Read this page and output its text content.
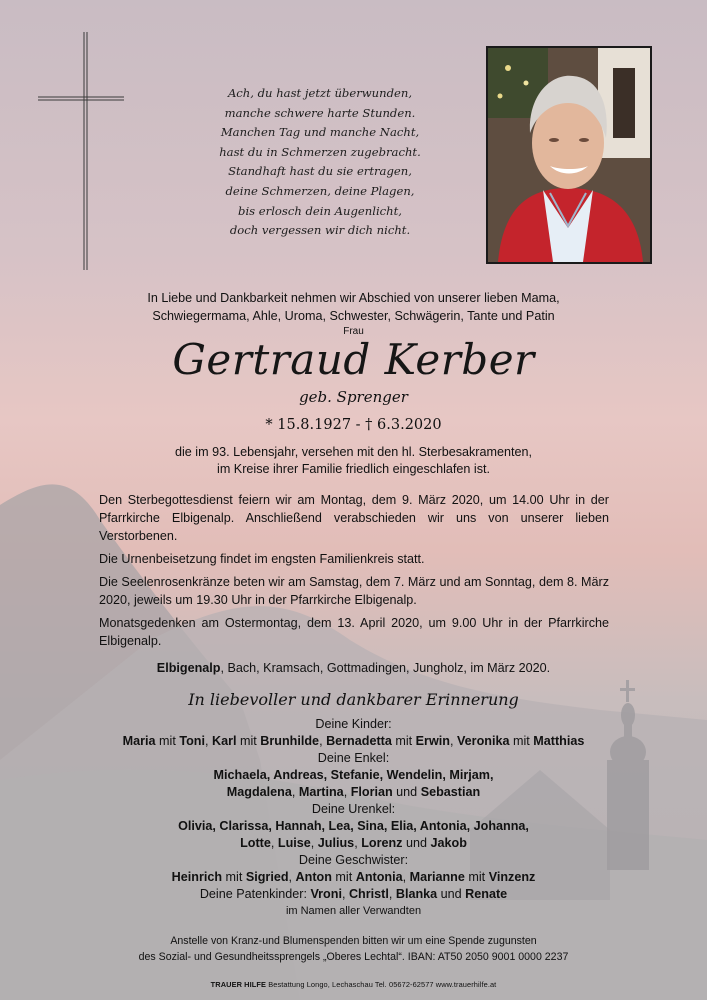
Ach, du hast jetzt überwunden,
manche schwere harte Stunden.
Manchen Tag und manche Nacht,
hast du in Schmerzen zugebracht.
Standhaft hast du sie ertragen,
deine Schmerzen, deine Plagen,
bis erlosch dein Augenlicht,
doch vergessen wir dich nicht.
In Liebe und Dankbarkeit nehmen wir Abschied von unserer lieben Mama,
Schwiegermama, Ahle, Uroma, Schwester, Schwägerin, Tante und Patin
Frau
Gertraud Kerber
geb. Sprenger
* 15.8.1927 - † 6.3.2020
die im 93. Lebensjahr, versehen mit den hl. Sterbesakramenten,
im Kreise ihrer Familie friedlich eingeschlafen ist.
Den Sterbegottesdienst feiern wir am Montag, dem 9. März 2020, um 14.00 Uhr in der Pfarrkirche Elbigenalp. Anschließend verabschieden wir uns von unserer lieben Verstorbenen.
Die Urnenbeisetzung findet im engsten Familienkreis statt.
Die Seelenrosenkränze beten wir am Samstag, dem 7. März und am Sonntag, dem 8. März 2020, jeweils um 19.30 Uhr in der Pfarrkirche Elbigenalp.
Monatsgedenken am Ostermontag, dem 13. April 2020, um 9.00 Uhr in der Pfarrkirche Elbigenalp.
Elbigenalp, Bach, Kramsach, Gottmadingen, Jungholz, im März 2020.
In liebevoller und dankbarer Erinnerung
Deine Kinder:
Maria mit Toni, Karl mit Brunhilde, Bernadetta mit Erwin, Veronika mit Matthias
Deine Enkel:
Michaela, Andreas, Stefanie, Wendelin, Mirjam,
Magdalena, Martina, Florian und Sebastian
Deine Urenkel:
Olivia, Clarissa, Hannah, Lea, Sina, Elia, Antonia, Johanna,
Lotte, Luise, Julius, Lorenz und Jakob
Deine Geschwister:
Heinrich mit Sigried, Anton mit Antonia, Marianne mit Vinzenz
Deine Patenkinder: Vroni, Christl, Blanka und Renate
im Namen aller Verwandten
Anstelle von Kranz-und Blumenspenden bitten wir um eine Spende zugunsten
des Sozial- und Gesundheitssprengels „Oberes Lechtal“. IBAN: AT50 2050 9001 0000 2237
TRAUER HILFE Bestattung Longo, Lechaschau Tel. 05672-62577 www.trauerhilfe.at
